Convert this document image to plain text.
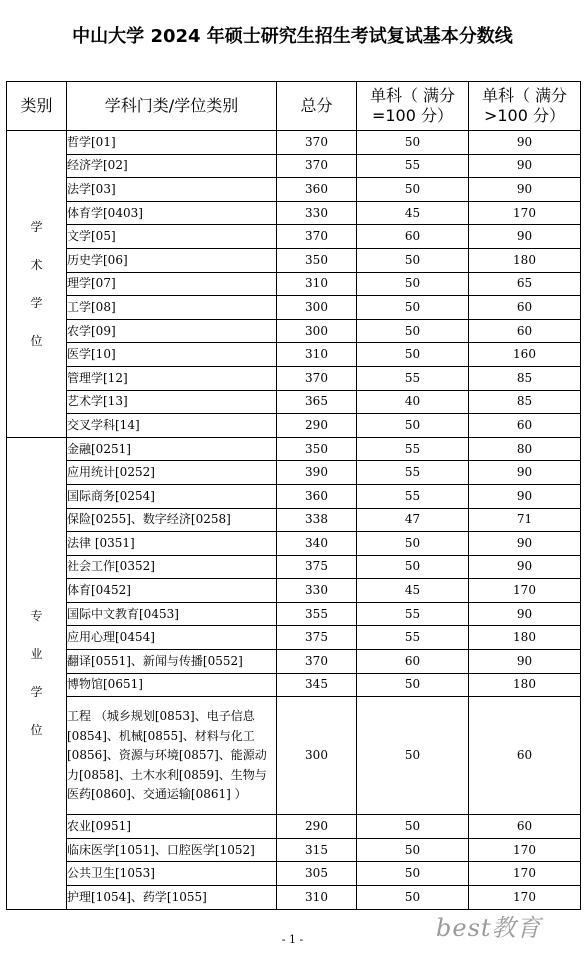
中山大学 2024 年硕士研究生招生考试复试基本分数线
类别	学科门类/学位类别	总分	单科（ 满分=100 分）	单科（ 满分>100 分）

学术学位	哲学[01]	370	50	90
	经济学[02]	370	55	90
	法学[03]	360	50	90
	体育学[0403]	330	45	170
	文学[05]	370	60	90
	历史学[06]	350	50	180
	理学[07]	310	50	65
	工学[08]	300	50	60
	农学[09]	300	50	60
	医学[10]	310	50	160
	管理学[12]	370	55	85
	艺术学[13]	365	40	85
	交叉学科[14]	290	50	60

专业学位	金融[0251]	350	55	80
	应用统计[0252]	390	55	90
	国际商务[0254]	360	55	90
	保险[0255]、数字经济[0258]	338	47	71
	法律 [0351]	340	50	90
	社会工作[0352]	375	50	90
	体育[0452]	330	45	170
	国际中文教育[0453]	355	55	90
	应用心理[0454]	375	55	180
	翻译[0551]、新闻与传播[0552]	370	60	90
	博物馆[0651]	345	50	180
	工程 （城乡规划[0853]、电子信息[0854]、机械[0855]、材料与化工[0856]、资源与环境[0857]、能源动力[0858]、土木水利[0859]、生物与医药[0860]、交通运输[0861] ）	300	50	60
	农业[0951]	290	50	60
	临床医学[1051]、口腔医学[1052]	315	50	170
	公共卫生[1053]	305	50	170
	护理[1054]、药学[1055]	310	50	170
- 1 -	best教育
